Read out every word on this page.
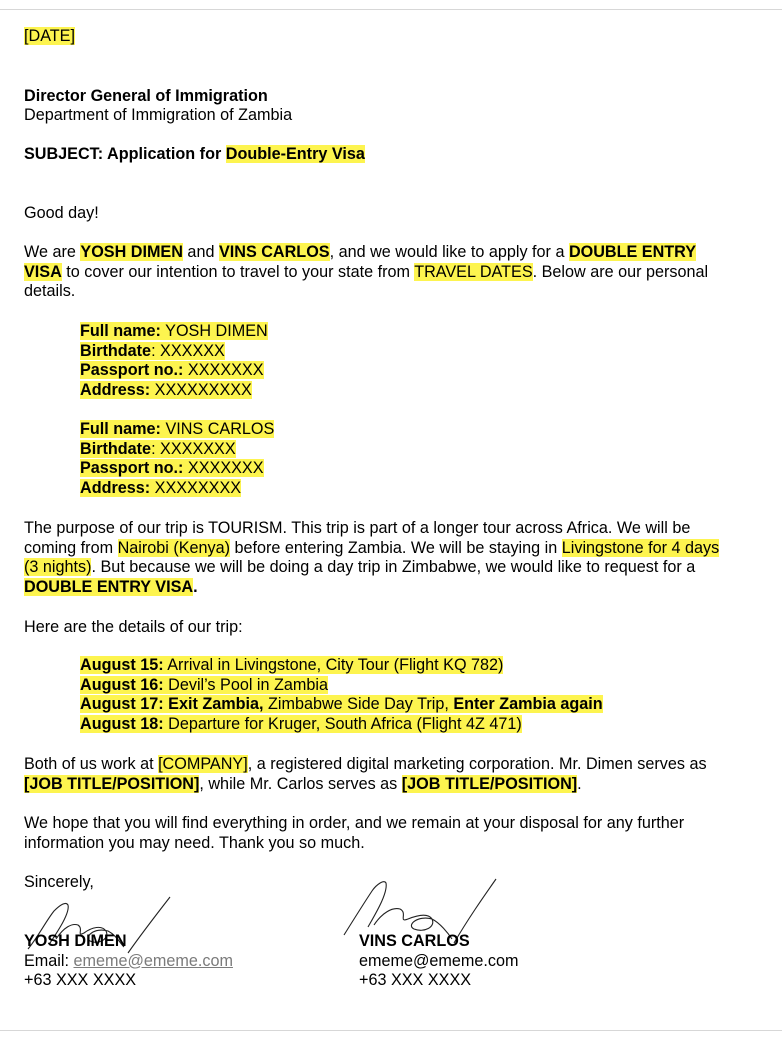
[DATE]

Director General of Immigration

Department of Immigration of Zambia

SUBJECT: Application for Double-Entry Visa

Good day!

We are YOSH DIMEN and VINS CARLOS, and we would like to apply for a DOUBLE ENTRY
VISA to cover our intention to travel to your state from TRAVEL DATES. Below are our personal
details.
Full name: YOSH DIMEN
Birthdate: XXXXXX
Passport no.: XXXXXXX
Address: XXXXXXXXX
Full name: VINS CARLOS
Birthdate: XXXXXXX
Passport no.: XXXXXXX
Address: XXXXXXXX
The purpose of our trip is TOURISM. This trip is part of a longer tour across Africa. We will be
coming from Nairobi (Kenya) before entering Zambia. We will be staying in Livingstone for 4 days
(3 nights). But because we will be doing a day trip in Zimbabwe, we would like to request for a
DOUBLE ENTRY VISA.

Here are the details of our trip:

August 15: Arrival in Livingstone, City Tour (Flight KQ 782)
August 16: Devil’s Pool in Zambia
August 17: Exit Zambia, Zimbabwe Side Day Trip, Enter Zambia again
August 18: Departure for Kruger, South Africa (Flight 4Z 471)
Both of us work at [COMPANY], a registered digital marketing corporation. Mr. Dimen serves as
[JOB TITLE/POSITION], while Mr. Carlos serves as [JOB TITLE/POSITION].
We hope that you will find everything in order, and we remain at your disposal for any further
information you may need. Thank you so much.

Sincerely,

YOSH DIMEN
Email: ememe@ememe.com
+63 XXX XXXX
VINS CARLOS
ememe@ememe.com
+63 XXX XXXX
